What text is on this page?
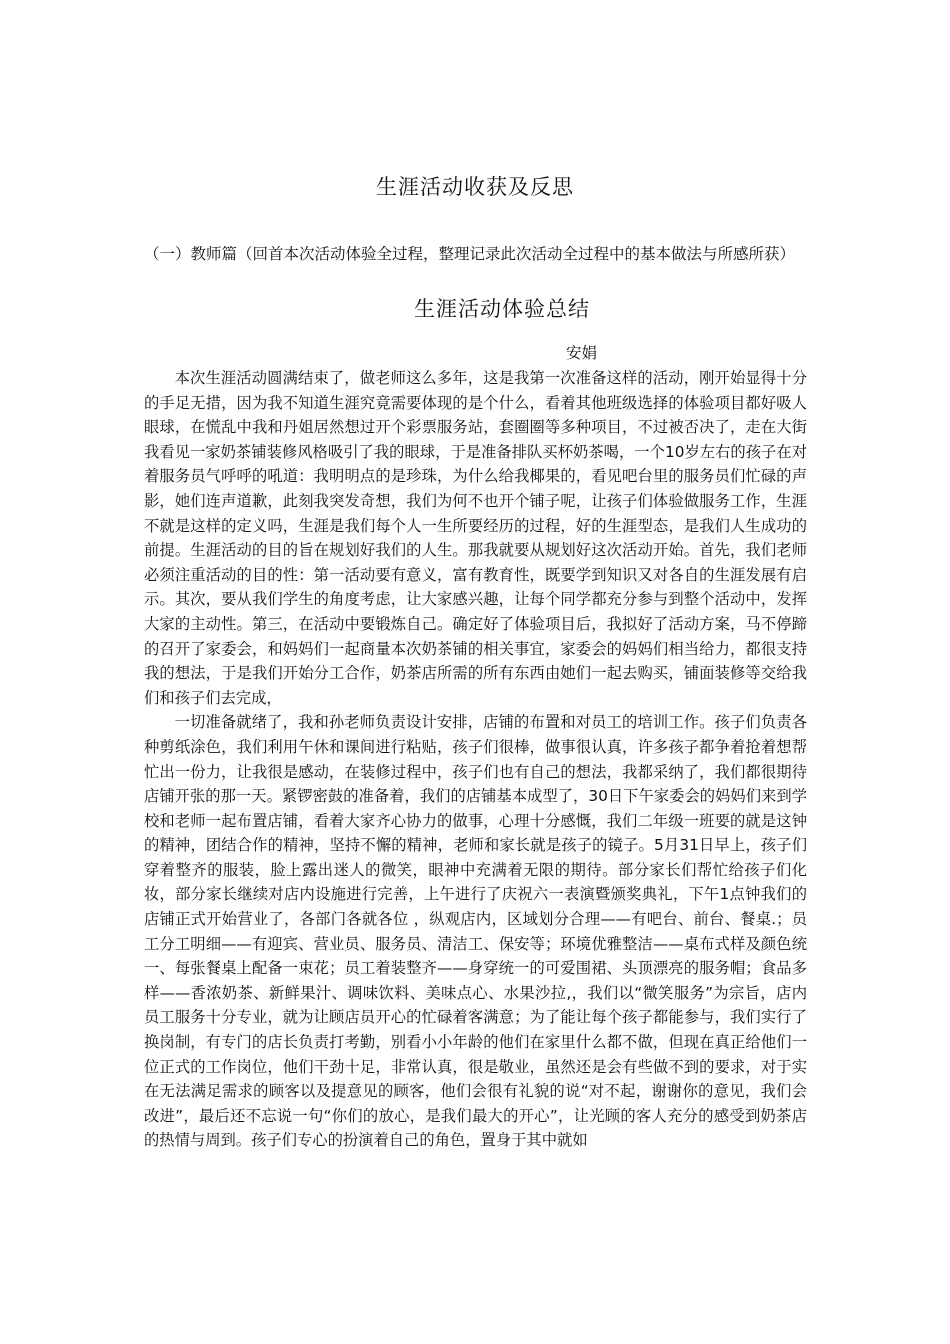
生涯活动收获及反思
（一）教师篇（回首本次活动体验全过程，整理记录此次活动全过程中的基本做法与所感所获）
生涯活动体验总结
安娟

本次生涯活动圆满结束了，做老师这么多年，这是我第一次准备这样的活动，刚开始显得十分的手足无措，因为我不知道生涯究竟需要体现的是个什么，看着其他班级选择的体验项目都好吸人眼球，在慌乱中我和丹姐居然想过开个彩票服务站，套圈圈等多种项目，不过被否决了，走在大街我看见一家奶茶铺装修风格吸引了我的眼球，于是准备排队买杯奶茶喝，一个10岁左右的孩子在对着服务员气呼呼的吼道：我明明点的是珍珠，为什么给我椰果的，看见吧台里的服务员们忙碌的声影，她们连声道歉，此刻我突发奇想，我们为何不也开个铺子呢，让孩子们体验做服务工作，生涯不就是这样的定义吗，生涯是我们每个人一生所要经历的过程，好的生涯型态，是我们人生成功的前提。生涯活动的目的旨在规划好我们的人生。那我就要从规划好这次活动开始。首先，我们老师必须注重活动的目的性：第一活动要有意义，富有教育性，既要学到知识又对各自的生涯发展有启示。其次，要从我们学生的角度考虑，让大家感兴趣，让每个同学都充分参与到整个活动中，发挥大家的主动性。第三，在活动中要锻炼自己。确定好了体验项目后，我拟好了活动方案，马不停蹄的召开了家委会，和妈妈们一起商量本次奶茶铺的相关事宜，家委会的妈妈们相当给力，都很支持我的想法，于是我们开始分工合作，奶茶店所需的所有东西由她们一起去购买，铺面装修等交给我们和孩子们去完成，

一切准备就绪了，我和孙老师负责设计安排，店铺的布置和对员工的培训工作。孩子们负责各种剪纸涂色，我们利用午休和课间进行粘贴，孩子们很棒，做事很认真，许多孩子都争着抢着想帮忙出一份力，让我很是感动，在装修过程中，孩子们也有自己的想法，我都采纳了，我们都很期待店铺开张的那一天。紧锣密鼓的准备着，我们的店铺基本成型了，30日下午家委会的妈妈们来到学校和老师一起布置店铺，看着大家齐心协力的做事，心理十分感慨，我们二年级一班要的就是这钟的精神，团结合作的精神，坚持不懈的精神，老师和家长就是孩子的镜子。5月31日早上，孩子们穿着整齐的服装，脸上露出迷人的微笑，眼神中充满着无限的期待。部分家长们帮忙给孩子们化妆，部分家长继续对店内设施进行完善，上午进行了庆祝六一表演暨颁奖典礼，下午1点钟我们的店铺正式开始营业了，各部门各就各位 ，纵观店内，区域划分合理——有吧台、前台、餐桌.；员工分工明细——有迎宾、营业员、服务员、清洁工、保安等；环境优雅整洁——桌布式样及颜色统一、每张餐桌上配备一束花；员工着装整齐——身穿统一的可爱围裙、头顶漂亮的服务帽；食品多样——香浓奶茶、新鲜果汁、调味饮料、美味点心、水果沙拉,，我们以“微笑服务”为宗旨，店内员工服务十分专业，就为让顾店员开心的忙碌着客满意；为了能让每个孩子都能参与，我们实行了换岗制，有专门的店长负责打考勤，别看小小年龄的他们在家里什么都不做，但现在真正给他们一位正式的工作岗位，他们干劲十足，非常认真，很是敬业，虽然还是会有些做不到的要求，对于实在无法满足需求的顾客以及提意见的顾客，他们会很有礼貌的说“对不起，谢谢你的意见，我们会改进”，最后还不忘说一句“你们的放心，是我们最大的开心”，让光顾的客人充分的感受到奶茶店的热情与周到。孩子们专心的扮演着自己的角色，置身于其中就如
